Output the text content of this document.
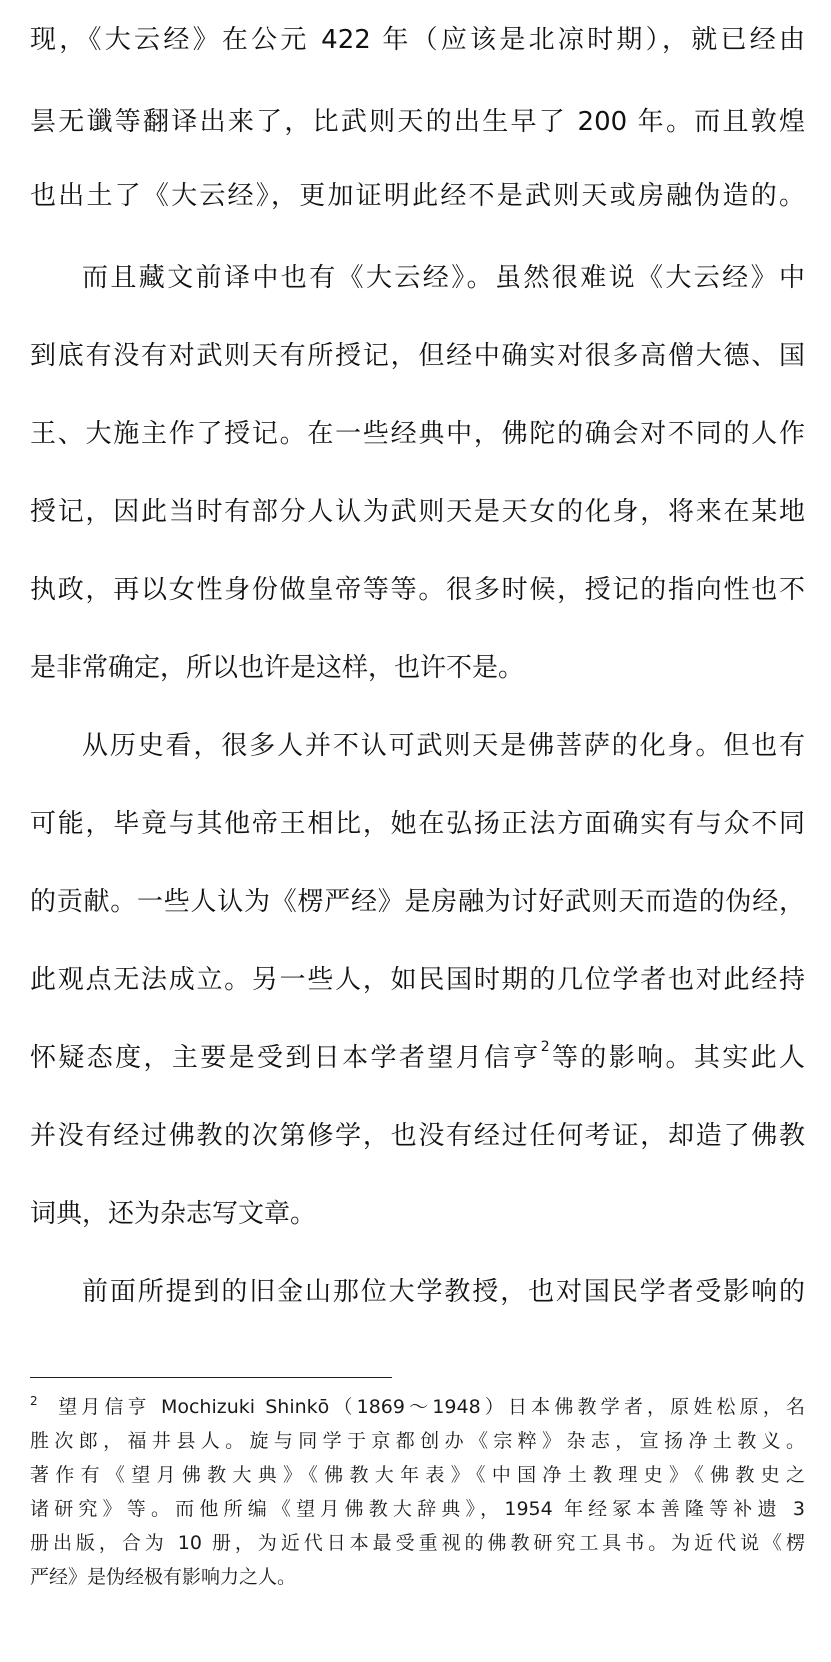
现，《大云经》在公元 422 年（应该是北凉时期），就已经由
昙无谶等翻译出来了，比武则天的出生早了 200 年。而且敦煌
也出土了《大云经》，更加证明此经不是武则天或房融伪造的。
而且藏文前译中也有《大云经》。虽然很难说《大云经》中
到底有没有对武则天有所授记，但经中确实对很多高僧大德、国
王、大施主作了授记。在一些经典中，佛陀的确会对不同的人作
授记，因此当时有部分人认为武则天是天女的化身，将来在某地
执政，再以女性身份做皇帝等等。很多时候，授记的指向性也不
是非常确定，所以也许是这样，也许不是。
从历史看，很多人并不认可武则天是佛菩萨的化身。但也有
可能，毕竟与其他帝王相比，她在弘扬正法方面确实有与众不同
的贡献。一些人认为《楞严经》是房融为讨好武则天而造的伪经，
此观点无法成立。另一些人，如民国时期的几位学者也对此经持
怀疑态度，主要是受到日本学者望月信亨$^2$等的影响。其实此人
并没有经过佛教的次第修学，也没有经过任何考证，却造了佛教
词典，还为杂志写文章。
前面所提到的旧金山那位大学教授，也对国民学者受影响的
$^2$ 望月信亨 Mochizuki Shinkō（1869～1948）日本佛教学者，原姓松原，名
胜次郎，福井县人。旋与同学于京都创办《宗粹》杂志，宣扬净土教义。
著作有《望月佛教大典》《佛教大年表》《中国净土教理史》《佛教史之
诸研究》等。而他所编《望月佛教大辞典》，1954 年经冢本善隆等补遗 3
册出版，合为 10 册，为近代日本最受重视的佛教研究工具书。为近代说《楞
严经》是伪经极有影响力之人。
